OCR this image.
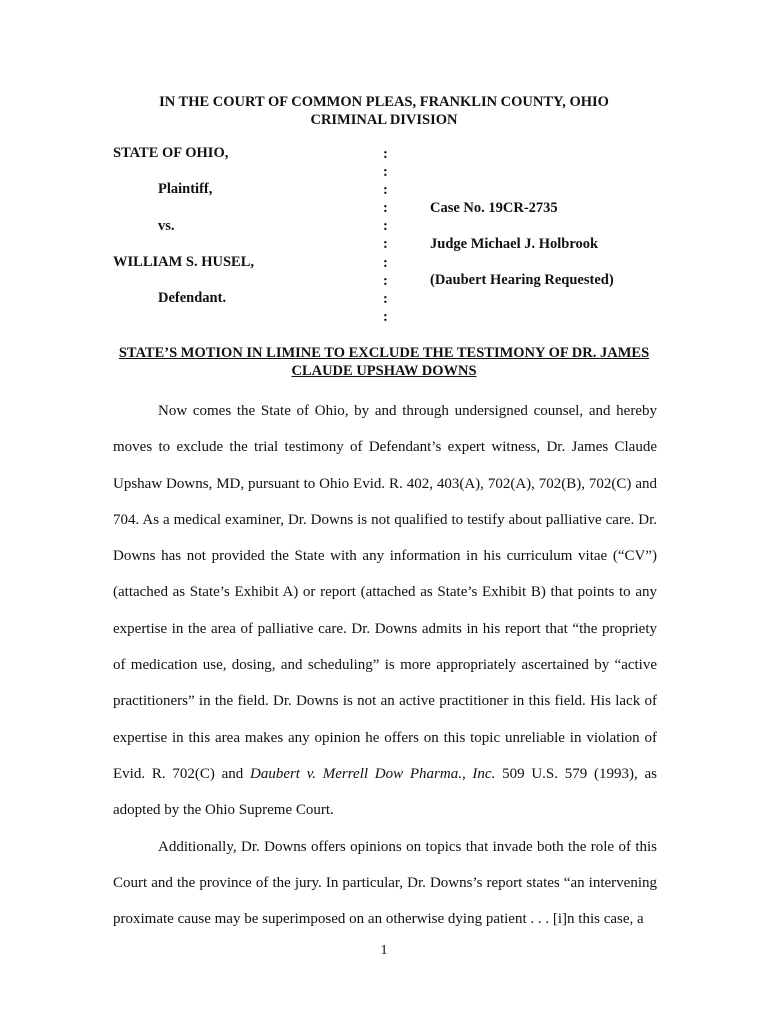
IN THE COURT OF COMMON PLEAS, FRANKLIN COUNTY, OHIO
CRIMINAL DIVISION
STATE OF OHIO,
Plaintiff,
vs.
WILLIAM S. HUSEL,
Defendant.
:
:
:
:
:
:
:
:
:
:
Case No. 19CR-2735
Judge Michael J. Holbrook
(Daubert Hearing Requested)
STATE’S MOTION IN LIMINE TO EXCLUDE THE TESTIMONY OF DR. JAMES CLAUDE UPSHAW DOWNS

Now comes the State of Ohio, by and through undersigned counsel, and hereby moves to exclude the trial testimony of Defendant’s expert witness, Dr. James Claude Upshaw Downs, MD, pursuant to Ohio Evid. R. 402, 403(A), 702(A), 702(B), 702(C) and 704. As a medical examiner, Dr. Downs is not qualified to testify about palliative care. Dr. Downs has not provided the State with any information in his curriculum vitae (“CV”) (attached as State’s Exhibit A) or report (attached as State’s Exhibit B) that points to any expertise in the area of palliative care. Dr. Downs admits in his report that “the propriety of medication use, dosing, and scheduling” is more appropriately ascertained by “active practitioners” in the field. Dr. Downs is not an active practitioner in this field. His lack of expertise in this area makes any opinion he offers on this topic unreliable in violation of Evid. R. 702(C) and Daubert v. Merrell Dow Pharma., Inc. 509 U.S. 579 (1993), as adopted by the Ohio Supreme Court.

Additionally, Dr. Downs offers opinions on topics that invade both the role of this Court and the province of the jury. In particular, Dr. Downs’s report states “an intervening proximate cause may be superimposed on an otherwise dying patient . . . [i]n this case, a

1
